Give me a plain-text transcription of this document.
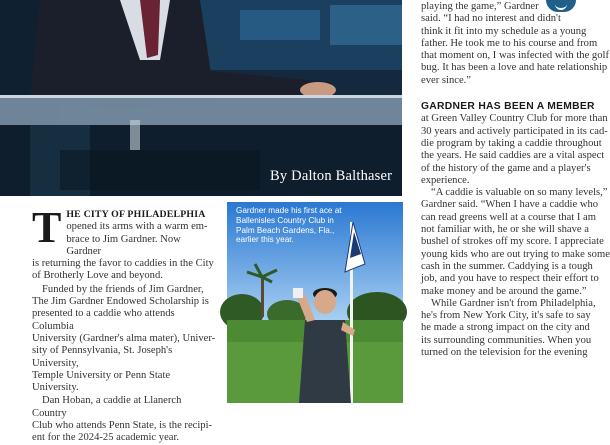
By Dalton Balthaser
T HE CITY OF PHILADELPHIA
opened its arms with a warm em-
brace to Jim Gardner. Now Gardner
is returning the favor to caddies in the City
of Brotherly Love and beyond.
Funded by the friends of Jim Gardner,
The Jim Gardner Endowed Scholarship is
presented to a caddie who attends Columbia
University (Gardner's alma mater), Univer-
sity of Pennsylvania, St. Joseph's University,
Temple University or Penn State University.
Dan Hoban, a caddie at Llanerch Country
Club who attends Penn State, is the recipi-
ent for the 2024-25 academic year.
Gardner made his first ace at Ballenisles Country Club in Palm Beach Gardens, Fla., earlier this year.
playing the game,” Gardner
said. “I had no interest and didn't
think it fit into my schedule as a young
father. He took me to his course and from
that moment on, I was infected with the golf
bug. It has been a love and hate relationship
ever since.”
GARDNER HAS BEEN A MEMBER
at Green Valley Country Club for more than
30 years and actively participated in its cad-
die program by taking a caddie throughout
the years. He said caddies are a vital aspect
of the history of the game and a player's
experience.
“A caddie is valuable on so many levels,”
Gardner said. “When I have a caddie who
can read greens well at a course that I am
not familiar with, he or she will shave a
bushel of strokes off my score. I appreciate
young kids who are out trying to make some
cash in the summer. Caddying is a tough
job, and you have to respect their effort to
make money and be around the game.”
While Gardner isn't from Philadelphia,
he's from New York City, it's safe to say
he made a strong impact on the city and
its surrounding communities. When you
turned on the television for the evening
